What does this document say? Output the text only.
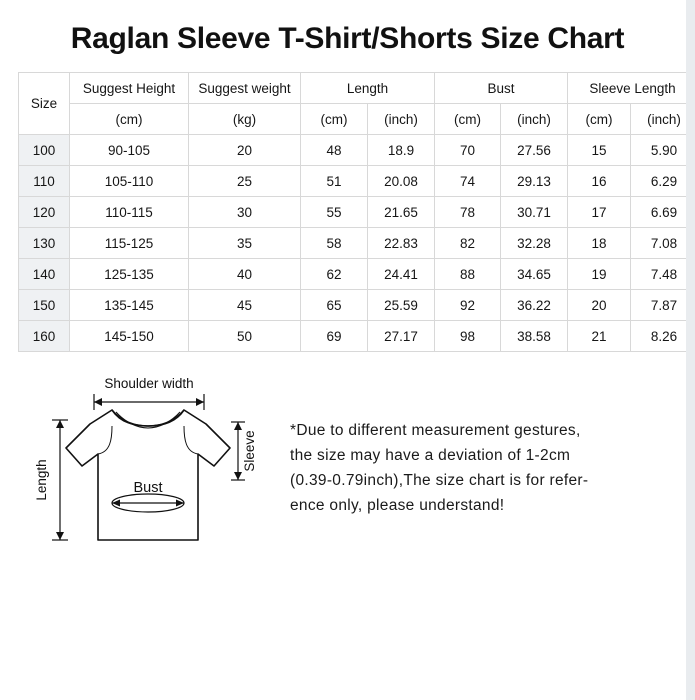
Raglan Sleeve T-Shirt/Shorts Size Chart
Size	Suggest Height	Suggest weight	Length		Bust		Sleeve Length	
	(cm)	(kg)	(cm)	(inch)	(cm)	(inch)	(cm)	(inch)
100	90-105	20	48	18.9	70	27.56	15	5.90
110	105-110	25	51	20.08	74	29.13	16	6.29
120	110-115	30	55	21.65	78	30.71	17	6.69
130	115-125	35	58	22.83	82	32.28	18	7.08
140	125-135	40	62	24.41	88	34.65	19	7.48
150	135-145	45	65	25.59	92	36.22	20	7.87
160	145-150	50	69	27.17	98	38.58	21	8.26
Shoulder width
Bust
Length
Sleeve *Due to different measurement gestures,
the size may have a deviation of 1-2cm
(0.39-0.79inch),The size chart is for refer-
ence only, please understand!
